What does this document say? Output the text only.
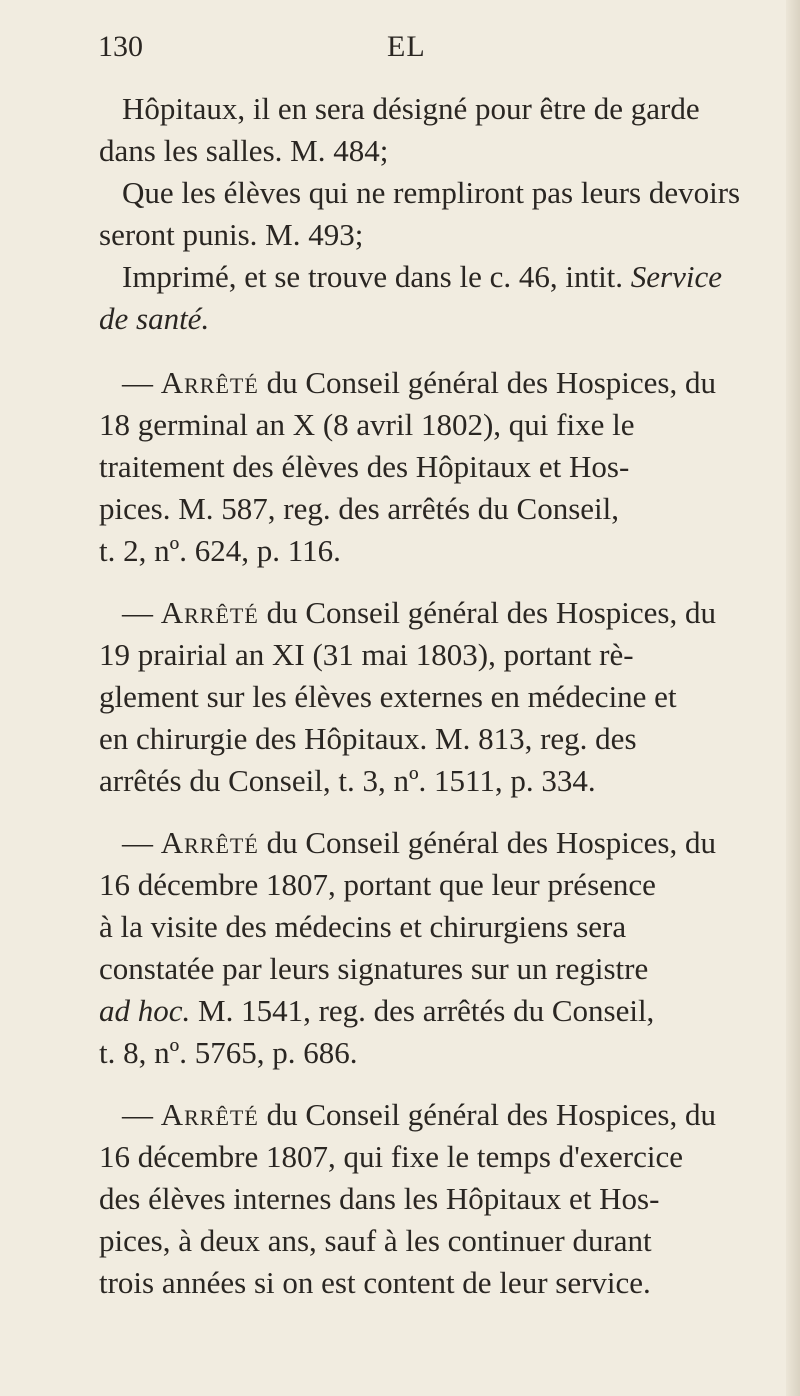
130	EL

Hôpitaux, il en sera désigné pour être de garde
dans les salles. M. 484;

Que les élèves qui ne rempliront pas leurs devoirs
seront punis. M. 493;

Imprimé, et se trouve dans le c. 46, intit. Service
de santé.

— Arrêté du Conseil général des Hospices, du
18 germinal an X (8 avril 1802), qui fixe le
traitement des élèves des Hôpitaux et Hos-
pices. M. 587, reg. des arrêtés du Conseil,
t. 2, nº. 624, p. 116.

— Arrêté du Conseil général des Hospices, du
19 prairial an XI (31 mai 1803), portant rè-
glement sur les élèves externes en médecine et
en chirurgie des Hôpitaux. M. 813, reg. des
arrêtés du Conseil, t. 3, nº. 1511, p. 334.

— Arrêté du Conseil général des Hospices, du
16 décembre 1807, portant que leur présence
à la visite des médecins et chirurgiens sera
constatée par leurs signatures sur un registre
ad hoc. M. 1541, reg. des arrêtés du Conseil,
t. 8, nº. 5765, p. 686.

— Arrêté du Conseil général des Hospices, du
16 décembre 1807, qui fixe le temps d'exercice
des élèves internes dans les Hôpitaux et Hos-
pices, à deux ans, sauf à les continuer durant
trois années si on est content de leur service.
